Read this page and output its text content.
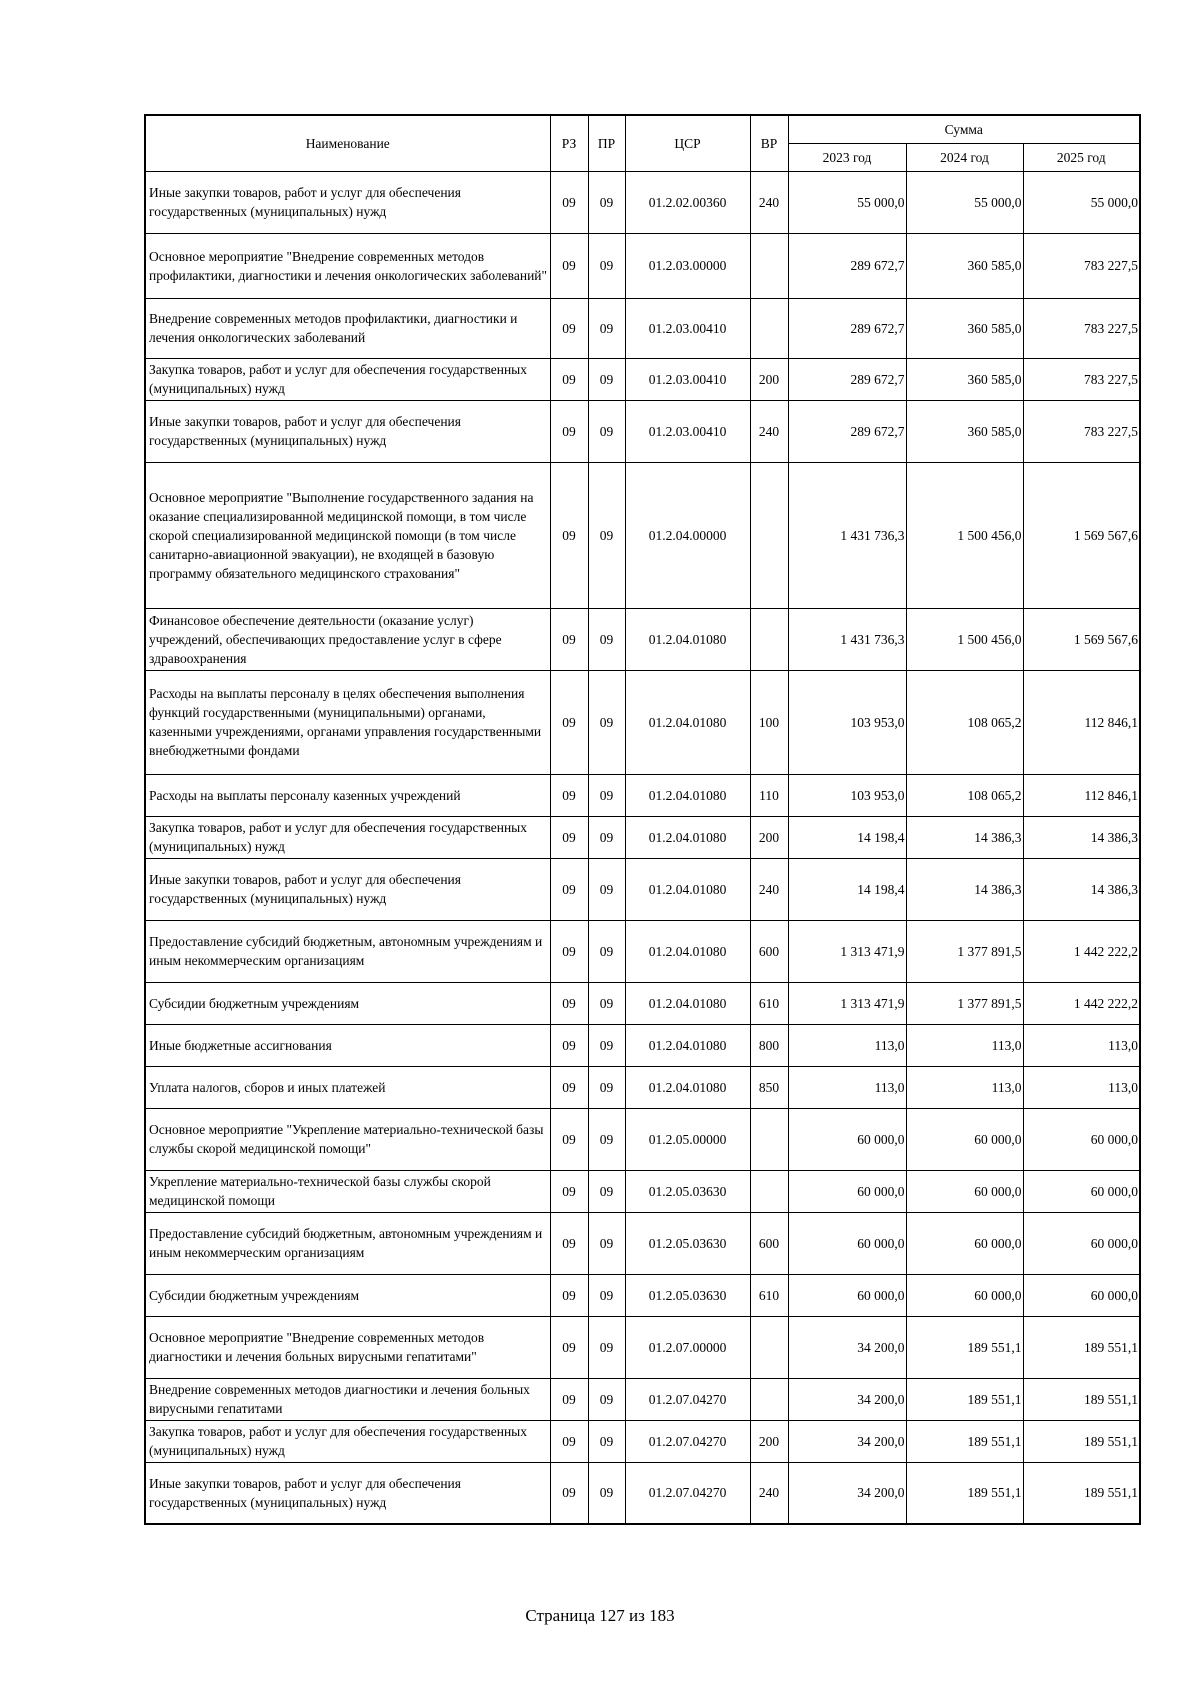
Наименование	РЗ	ПР	ЦСР	ВР	Сумма		
					2023 год	2024 год	2025 год
Иные закупки товаров, работ и услуг для обеспечения государственных (муниципальных) нужд	09	09	01.2.02.00360	240	55 000,0	55 000,0	55 000,0
Основное мероприятие "Внедрение современных методов профилактики, диагностики и лечения онкологических заболеваний"	09	09	01.2.03.00000		289 672,7	360 585,0	783 227,5
Внедрение современных методов профилактики, диагностики и лечения онкологических заболеваний	09	09	01.2.03.00410		289 672,7	360 585,0	783 227,5
Закупка товаров, работ и услуг для обеспечения государственных (муниципальных) нужд	09	09	01.2.03.00410	200	289 672,7	360 585,0	783 227,5
Иные закупки товаров, работ и услуг для обеспечения государственных (муниципальных) нужд	09	09	01.2.03.00410	240	289 672,7	360 585,0	783 227,5
Основное мероприятие "Выполнение государственного задания на оказание специализированной медицинской помощи, в том числе скорой специализированной медицинской помощи (в том числе санитарно-авиационной эвакуации), не входящей в базовую программу обязательного медицинского страхования"	09	09	01.2.04.00000		1 431 736,3	1 500 456,0	1 569 567,6
Финансовое обеспечение деятельности (оказание услуг) учреждений, обеспечивающих предоставление услуг в сфере здравоохранения	09	09	01.2.04.01080		1 431 736,3	1 500 456,0	1 569 567,6
Расходы на выплаты персоналу в целях обеспечения выполнения функций государственными (муниципальными) органами, казенными учреждениями, органами управления государственными внебюджетными фондами	09	09	01.2.04.01080	100	103 953,0	108 065,2	112 846,1
Расходы на выплаты персоналу казенных учреждений	09	09	01.2.04.01080	110	103 953,0	108 065,2	112 846,1
Закупка товаров, работ и услуг для обеспечения государственных (муниципальных) нужд	09	09	01.2.04.01080	200	14 198,4	14 386,3	14 386,3
Иные закупки товаров, работ и услуг для обеспечения государственных (муниципальных) нужд	09	09	01.2.04.01080	240	14 198,4	14 386,3	14 386,3
Предоставление субсидий бюджетным, автономным учреждениям и иным некоммерческим организациям	09	09	01.2.04.01080	600	1 313 471,9	1 377 891,5	1 442 222,2
Субсидии бюджетным учреждениям	09	09	01.2.04.01080	610	1 313 471,9	1 377 891,5	1 442 222,2
Иные бюджетные ассигнования	09	09	01.2.04.01080	800	113,0	113,0	113,0
Уплата налогов, сборов и иных платежей	09	09	01.2.04.01080	850	113,0	113,0	113,0
Основное мероприятие "Укрепление материально-технической базы службы скорой медицинской помощи"	09	09	01.2.05.00000		60 000,0	60 000,0	60 000,0
Укрепление материально-технической базы службы скорой медицинской помощи	09	09	01.2.05.03630		60 000,0	60 000,0	60 000,0
Предоставление субсидий бюджетным, автономным учреждениям и иным некоммерческим организациям	09	09	01.2.05.03630	600	60 000,0	60 000,0	60 000,0
Субсидии бюджетным учреждениям	09	09	01.2.05.03630	610	60 000,0	60 000,0	60 000,0
Основное мероприятие "Внедрение современных методов диагностики и лечения больных вирусными гепатитами"	09	09	01.2.07.00000		34 200,0	189 551,1	189 551,1
Внедрение современных методов диагностики и лечения больных вирусными гепатитами	09	09	01.2.07.04270		34 200,0	189 551,1	189 551,1
Закупка товаров, работ и услуг для обеспечения государственных (муниципальных) нужд	09	09	01.2.07.04270	200	34 200,0	189 551,1	189 551,1
Иные закупки товаров, работ и услуг для обеспечения государственных (муниципальных) нужд	09	09	01.2.07.04270	240	34 200,0	189 551,1	189 551,1
Страница 127 из 183
